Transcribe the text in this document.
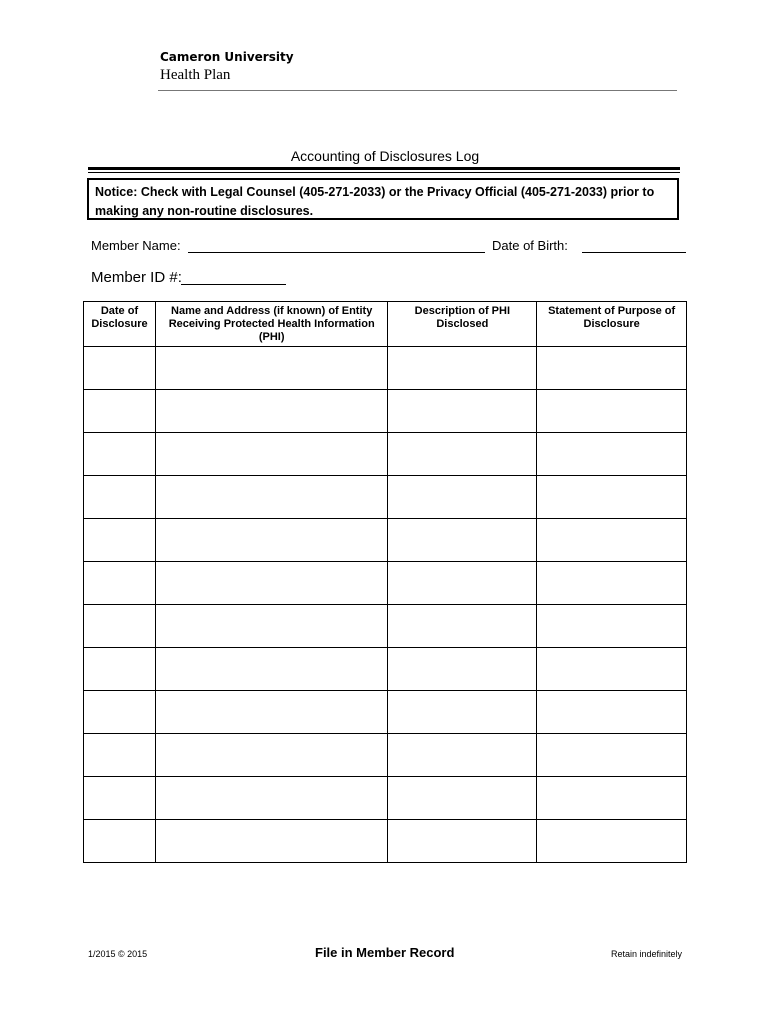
Cameron University
Health Plan
Accounting of Disclosures Log
Notice: Check with Legal Counsel (405-271-2033) or the Privacy Official (405-271-2033) prior to making any non-routine disclosures.
Member Name:	Date of Birth:
Member ID #:
Date of Disclosure	Name and Address (if known) of Entity Receiving Protected Health Information (PHI)	Description of PHI Disclosed	Statement of Purpose of Disclosure

1/2015 © 2015	File in Member Record	Retain indefinitely
